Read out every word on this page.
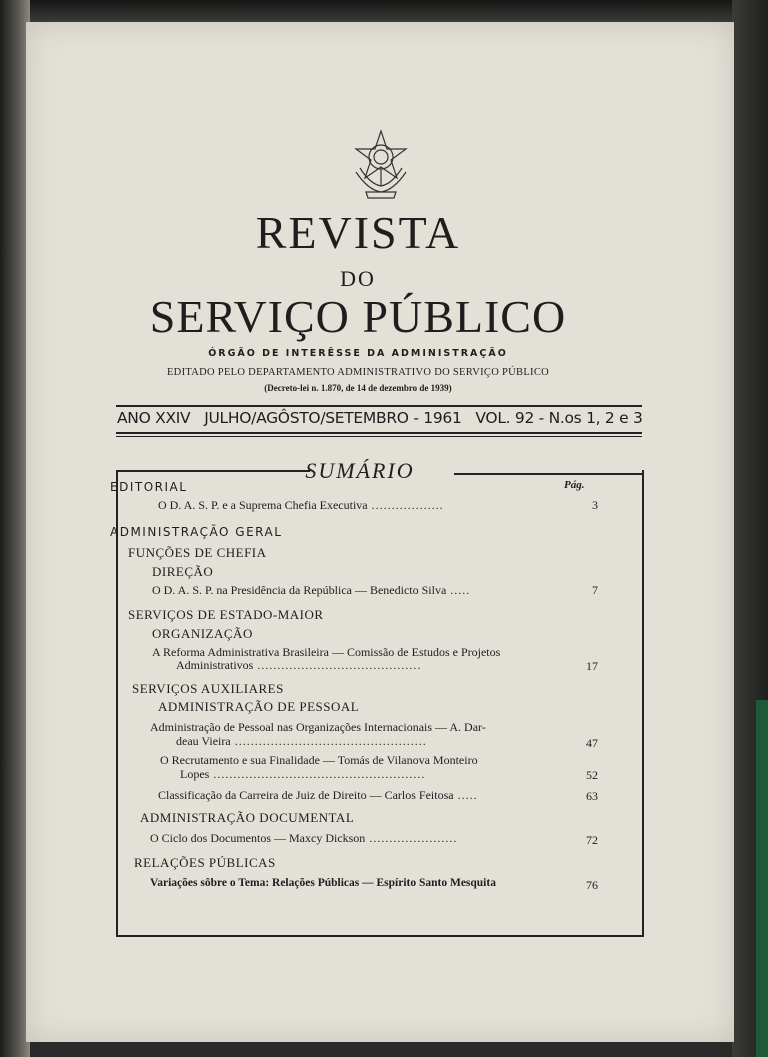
REVISTA
DO
SERVIÇO PÚBLICO
ÓRGÃO DE INTERÊSSE DA ADMINISTRAÇÃO
EDITADO PELO DEPARTAMENTO ADMINISTRATIVO DO SERVIÇO PÚBLICO
(Decreto-lei n. 1.870, de 14 de dezembro de 1939)
ANO XXIV JULHO/AGÔSTO/SETEMBRO - 1961 VOL. 92 - N.os 1, 2 e 3
SUMÁRIO
Pág.
EDITORIAL
O D. A. S. P. e a Suprema Chefia Executiva ..................	3
ADMINISTRAÇÃO GERAL
FUNÇÕES DE CHEFIA
DIREÇÃO
O D. A. S. P. na Presidência da República — Benedicto Silva .....	7
SERVIÇOS DE ESTADO-MAIOR
ORGANIZAÇÃO
A Reforma Administrativa Brasileira — Comissão de Estudos e Projetos
Administrativos .........................................	17
SERVIÇOS AUXILIARES
ADMINISTRAÇÃO DE PESSOAL
Administração de Pessoal nas Organizações Internacionais — A. Dar-
deau Vieira ................................................	47
O Recrutamento e sua Finalidade — Tomás de Vilanova Monteiro
Lopes .....................................................	52
Classificação da Carreira de Juiz de Direito — Carlos Feitosa .....	63
ADMINISTRAÇÃO DOCUMENTAL
O Ciclo dos Documentos — Maxcy Dickson ......................	72
RELAÇÕES PÚBLICAS
Variações sôbre o Tema: Relações Públicas — Espírito Santo Mesquita	76
